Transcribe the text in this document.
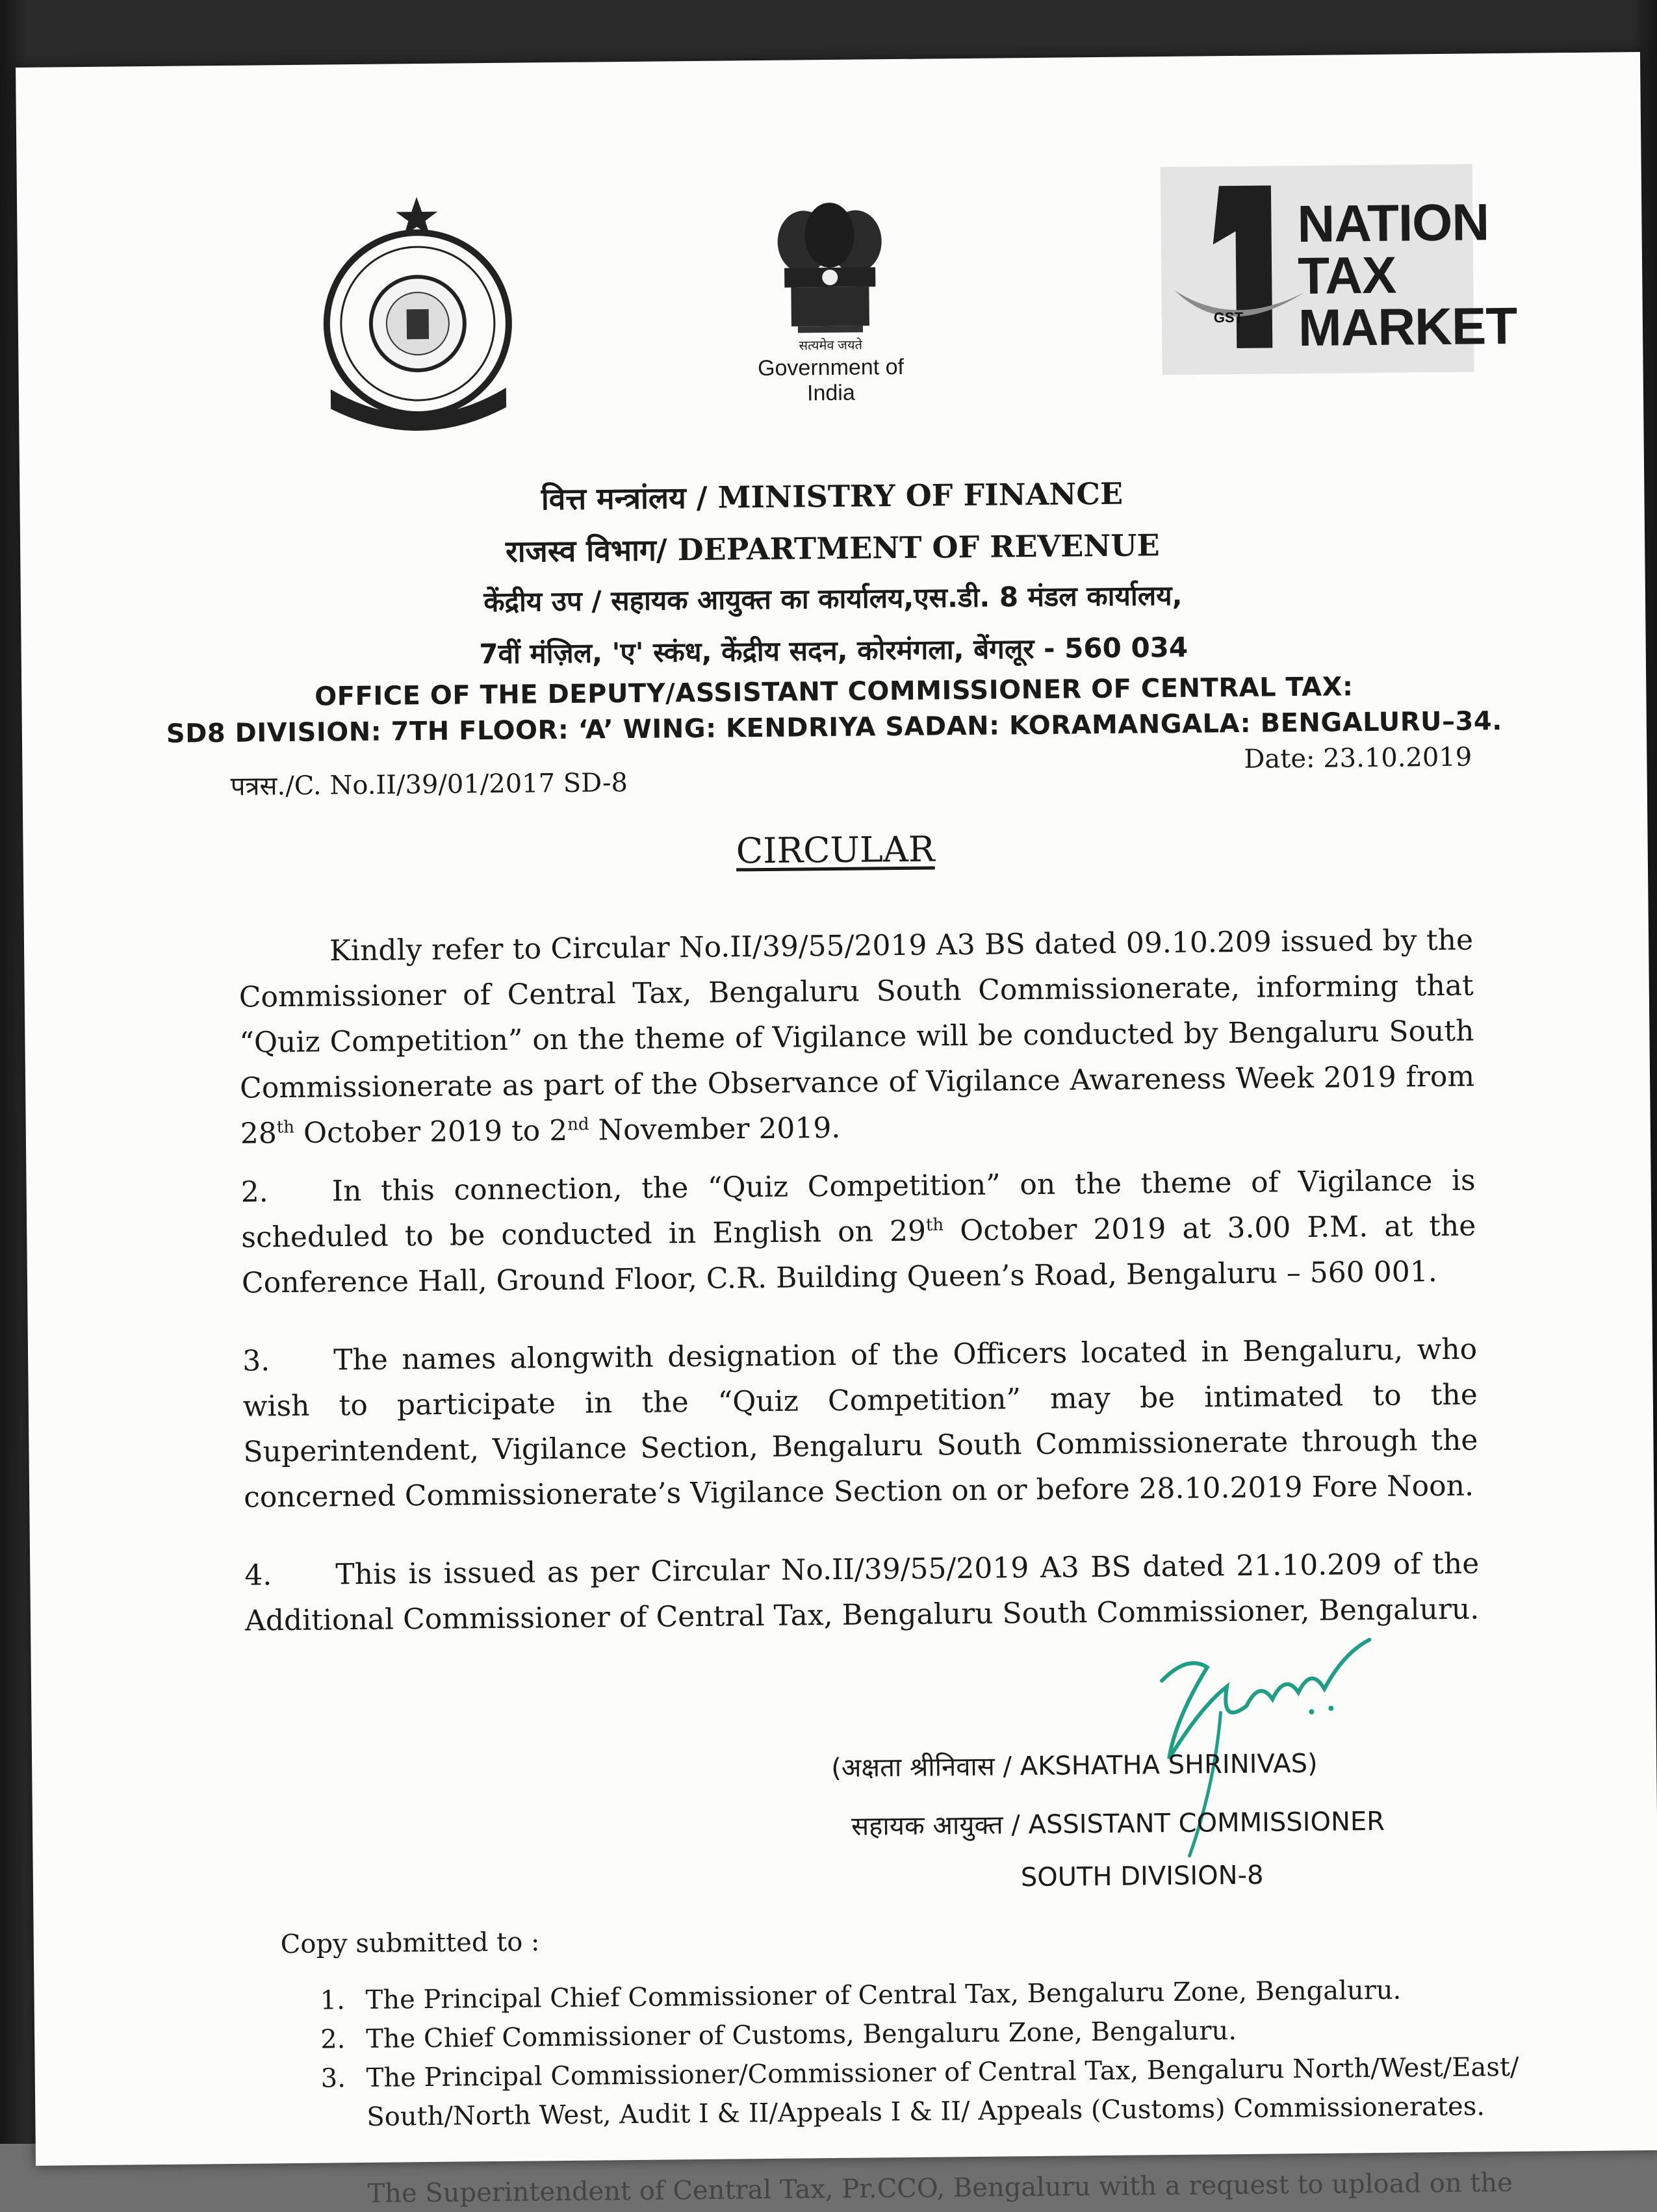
सत्यमेव जयते
Government of India
GST
NATION
TAX
MARKET
वित्त मन्त्रांलय / MINISTRY OF FINANCE
राजस्व विभाग/ DEPARTMENT OF REVENUE
केंद्रीय उप / सहायक आयुक्त का कार्यालय,एस.डी. 8 मंडल कार्यालय,
7वीं मंज़िल, 'ए' स्कंध, केंद्रीय सदन, कोरमंगला, बेंगलूर - 560 034
OFFICE OF THE DEPUTY/ASSISTANT COMMISSIONER OF CENTRAL TAX:
SD8 DIVISION: 7TH FLOOR: ‘A’ WING: KENDRIYA SADAN: KORAMANGALA: BENGALURU–34.
पत्रस./C. No.II/39/01/2017 SD-8
Date: 23.10.2019
CIRCULAR

Kindly refer to Circular No.II/39/55/2019 A3 BS dated 09.10.209 issued by the Commissioner of Central Tax, Bengaluru South Commissionerate, informing that “Quiz Competition” on the theme of Vigilance will be conducted by Bengaluru South Commissionerate as part of the Observance of Vigilance Awareness Week 2019 from 28th October 2019 to 2nd November 2019.

2. In this connection, the “Quiz Competition” on the theme of Vigilance is scheduled to be conducted in English on 29th October 2019 at 3.00 P.M. at the Conference Hall, Ground Floor, C.R. Building Queen’s Road, Bengaluru – 560 001.

3. The names alongwith designation of the Officers located in Bengaluru, who wish to participate in the “Quiz Competition” may be intimated to the Superintendent, Vigilance Section, Bengaluru South Commissionerate through the concerned Commissionerate’s Vigilance Section on or before 28.10.2019 Fore Noon.

4. This is issued as per Circular No.II/39/55/2019 A3 BS dated 21.10.209 of the Additional Commissioner of Central Tax, Bengaluru South Commissioner, Bengaluru.

(अक्षता श्रीनिवास / AKSHATHA SHRINIVAS)
सहायक आयुक्त / ASSISTANT COMMISSIONER
SOUTH DIVISION-8
Copy submitted to :
1. The Principal Chief Commissioner of Central Tax, Bengaluru Zone, Bengaluru.
2. The Chief Commissioner of Customs, Bengaluru Zone, Bengaluru.
3. The Principal Commissioner/Commissioner of Central Tax, Bengaluru North/West/East/ South/North West, Audit I & II/Appeals I & II/ Appeals (Customs) Commissionerates.
The Superintendent of Central Tax, Pr.CCO, Bengaluru with a request to upload on the
